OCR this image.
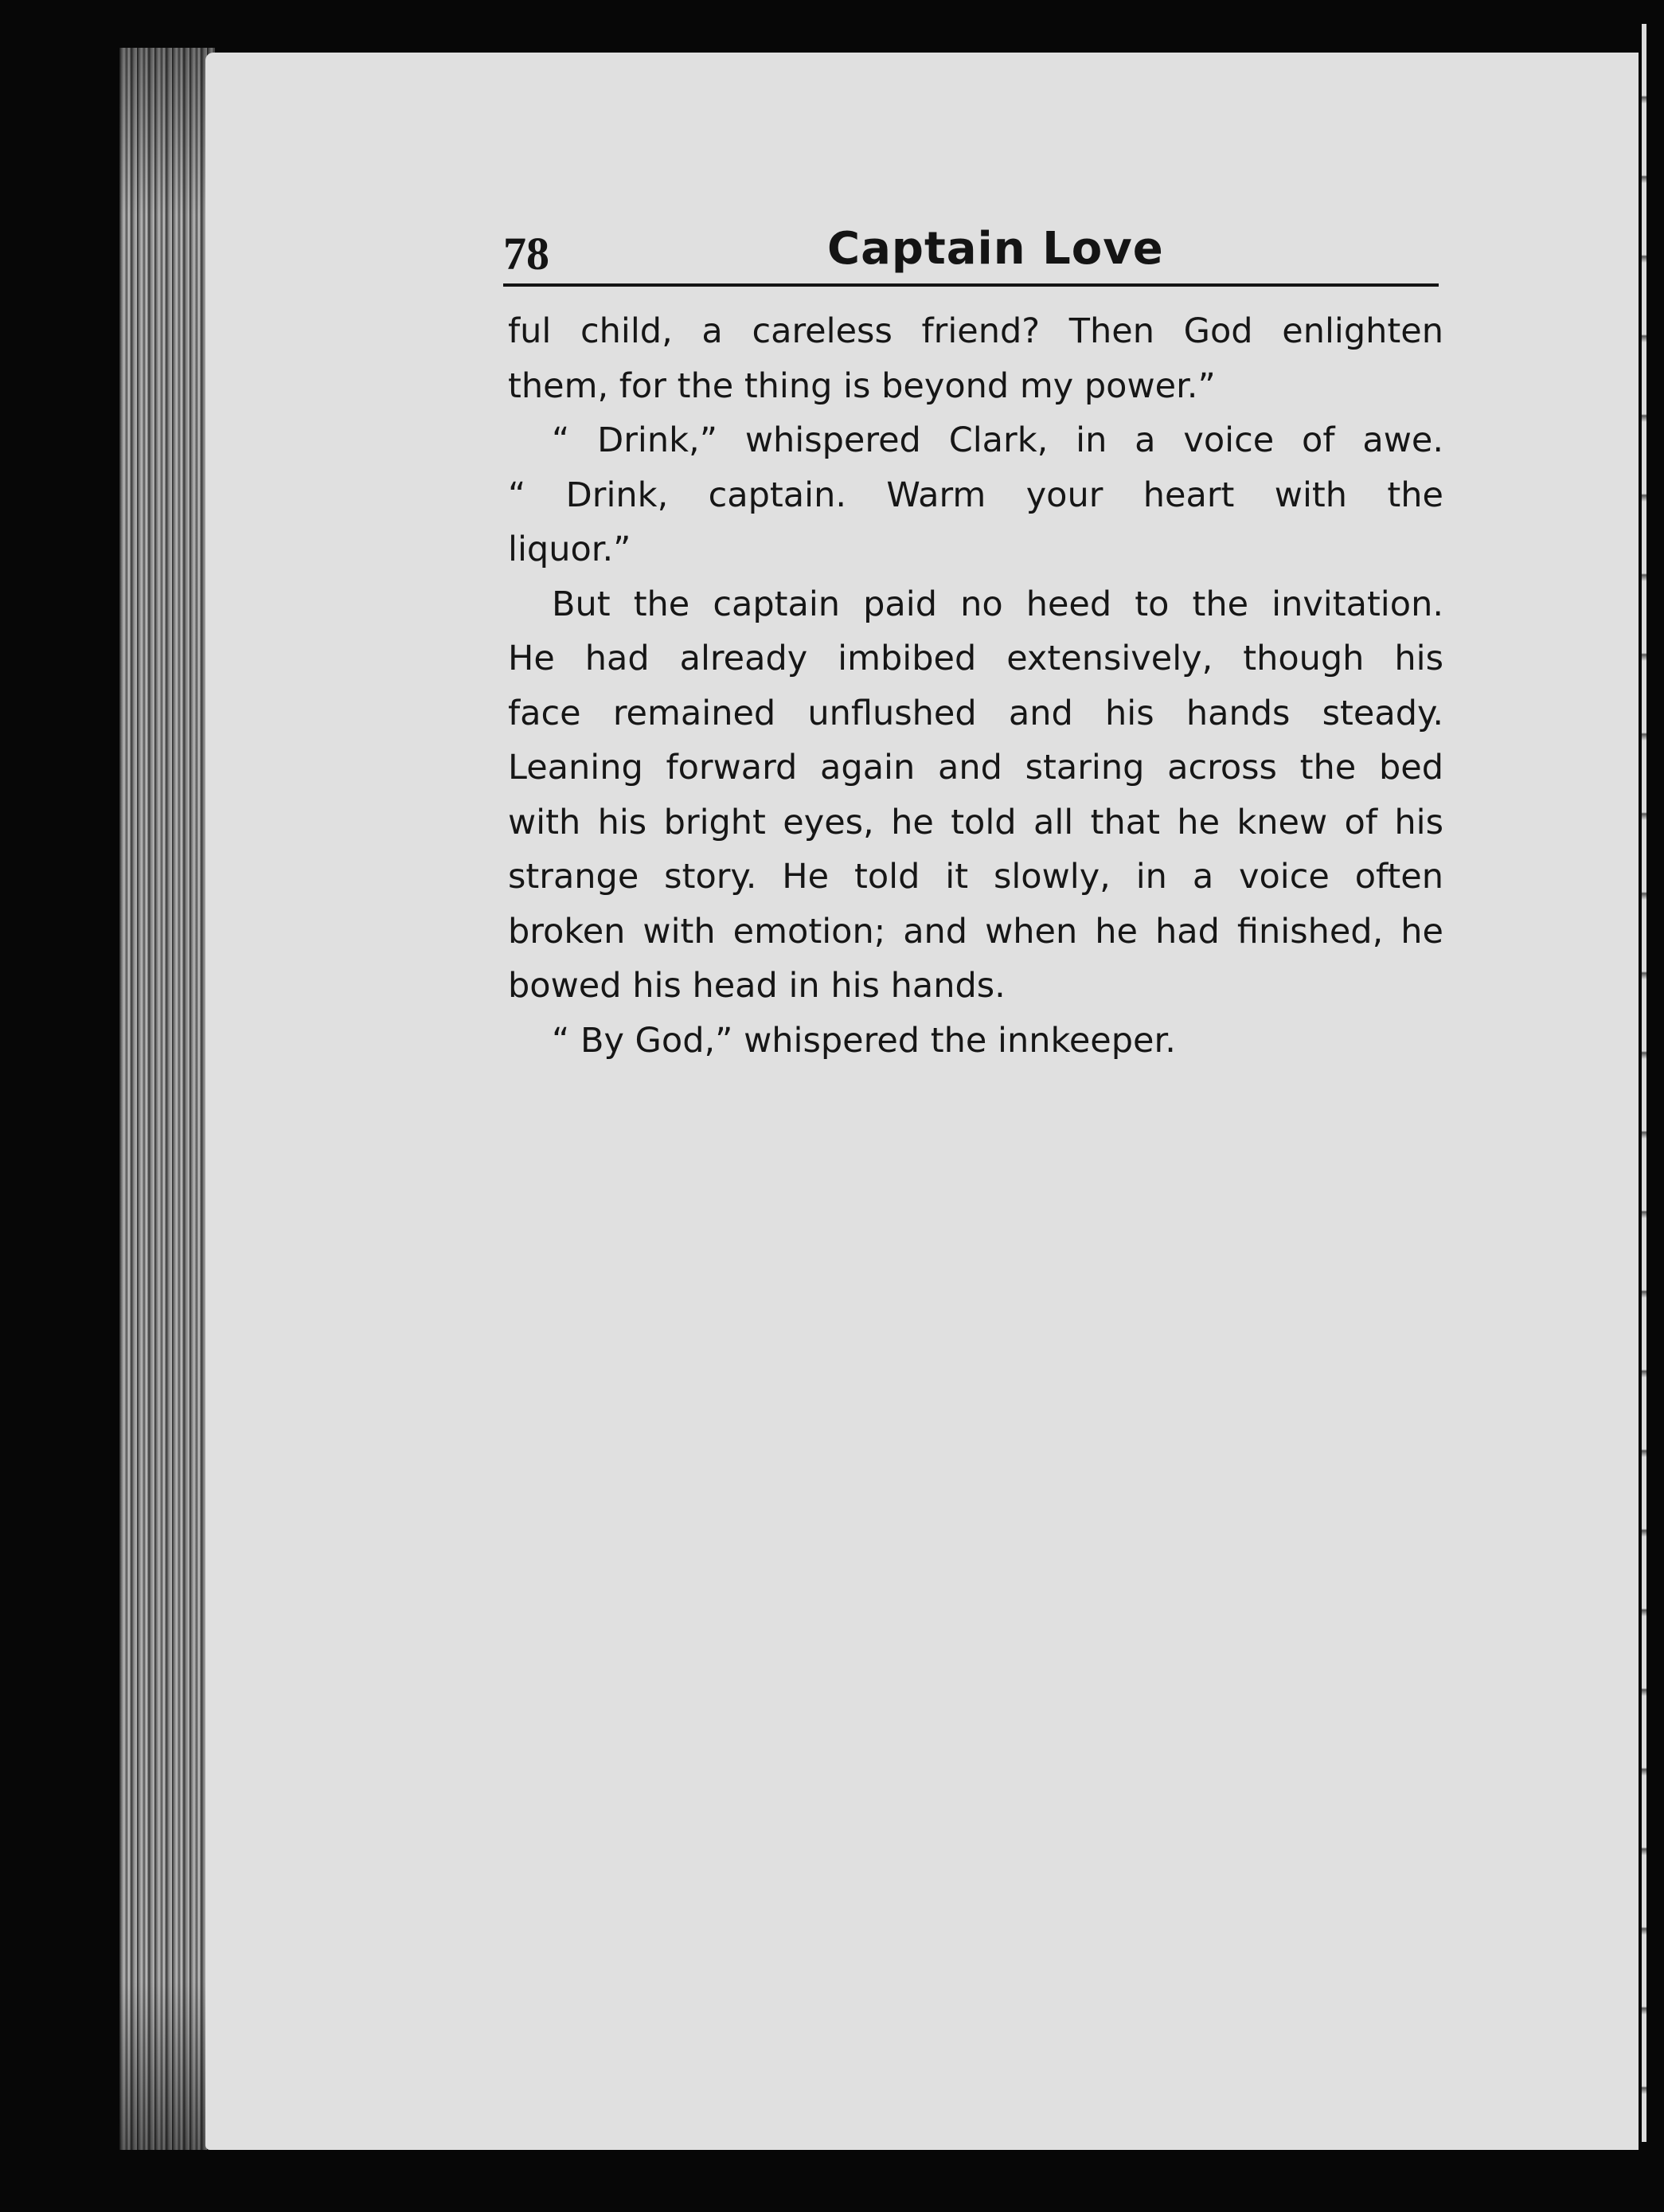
78	Captain Love
ful child, a careless friend? Then God enlighten
them, for the thing is beyond my power.”
“ Drink,” whispered Clark, in a voice of awe.
“ Drink, captain. Warm your heart with the
liquor.”
But the captain paid no heed to the invitation.
He had already imbibed extensively, though his
face remained unflushed and his hands steady.
Leaning forward again and staring across the bed
with his bright eyes, he told all that he knew of his
strange story. He told it slowly, in a voice often
broken with emotion; and when he had finished, he
bowed his head in his hands.
“ By God,” whispered the innkeeper.
